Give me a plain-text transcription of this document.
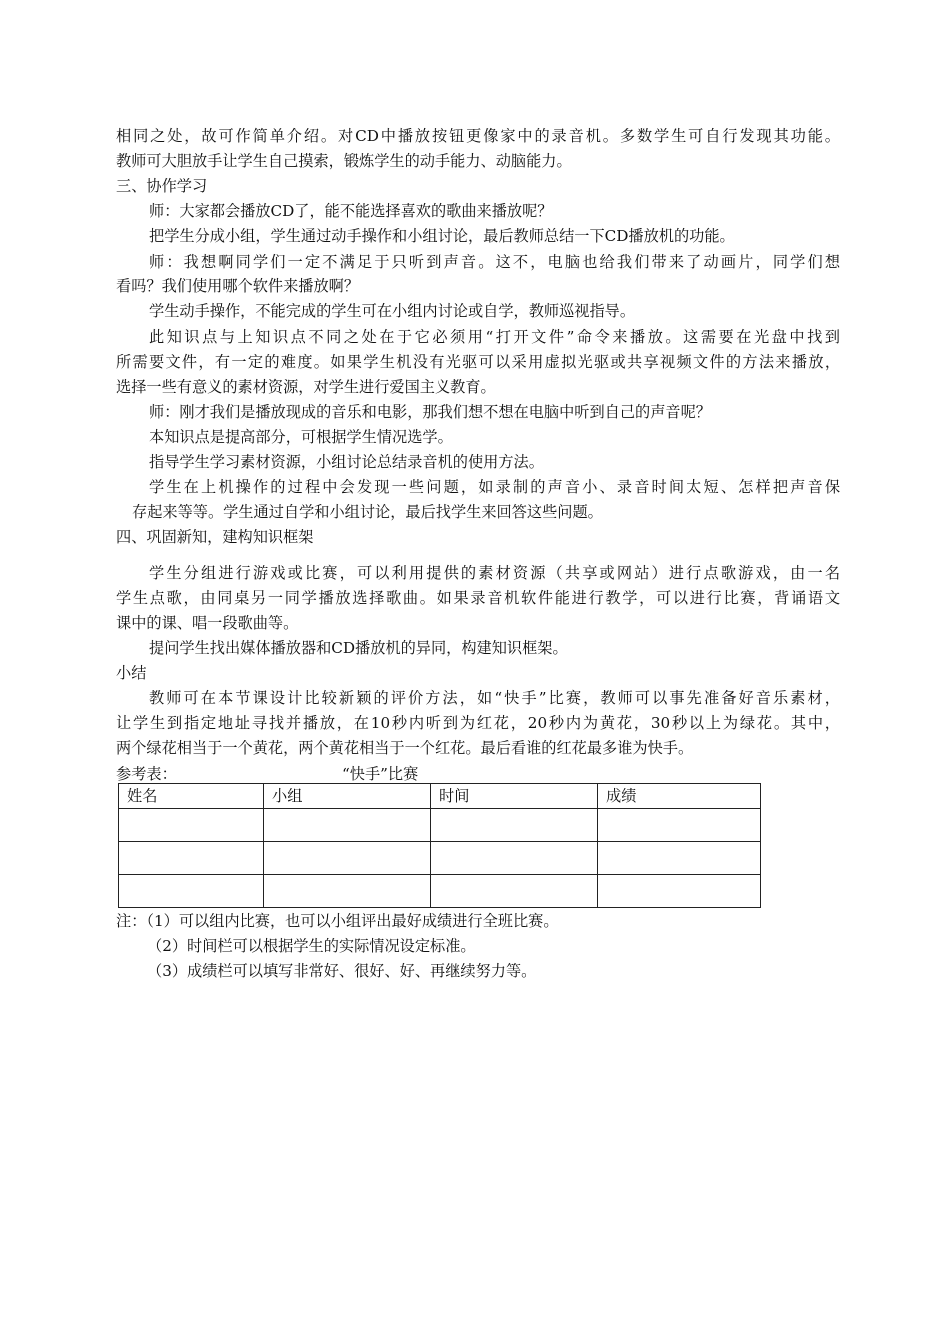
相同之处，故可作简单介绍。对CD中播放按钮更像家中的录音机。多数学生可自行发现其功能。
教师可大胆放手让学生自己摸索，锻炼学生的动手能力、动脑能力。
三、协作学习
师：大家都会播放CD了，能不能选择喜欢的歌曲来播放呢？
把学生分成小组，学生通过动手操作和小组讨论，最后教师总结一下CD播放机的功能。
师：我想啊同学们一定不满足于只听到声音。这不，电脑也给我们带来了动画片，同学们想
看吗？我们使用哪个软件来播放啊？
学生动手操作，不能完成的学生可在小组内讨论或自学，教师巡视指导。
此知识点与上知识点不同之处在于它必须用“打开文件”命令来播放。这需要在光盘中找到
所需要文件，有一定的难度。如果学生机没有光驱可以采用虚拟光驱或共享视频文件的方法来播放，
选择一些有意义的素材资源，对学生进行爱国主义教育。
师：刚才我们是播放现成的音乐和电影，那我们想不想在电脑中听到自己的声音呢？
本知识点是提高部分，可根据学生情况选学。
指导学生学习素材资源，小组讨论总结录音机的使用方法。
学生在上机操作的过程中会发现一些问题，如录制的声音小、录音时间太短、怎样把声音保
存起来等等。学生通过自学和小组讨论，最后找学生来回答这些问题。
四、巩固新知，建构知识框架
学生分组进行游戏或比赛，可以利用提供的素材资源（共享或网站）进行点歌游戏，由一名
学生点歌，由同桌另一同学播放选择歌曲。如果录音机软件能进行教学，可以进行比赛，背诵语文
课中的课、唱一段歌曲等。
提问学生找出媒体播放器和CD播放机的异同，构建知识框架。
小结
教师可在本节课设计比较新颖的评价方法，如“快手”比赛，教师可以事先准备好音乐素材，
让学生到指定地址寻找并播放，在10秒内听到为红花，20秒内为黄花，30秒以上为绿花。其中，
两个绿花相当于一个黄花，两个黄花相当于一个红花。最后看谁的红花最多谁为快手。
参考表：	“快手”比赛
姓名	小组	时间	成绩

注：（1）可以组内比赛，也可以小组评出最好成绩进行全班比赛。
（2）时间栏可以根据学生的实际情况设定标准。
（3）成绩栏可以填写非常好、很好、好、再继续努力等。
